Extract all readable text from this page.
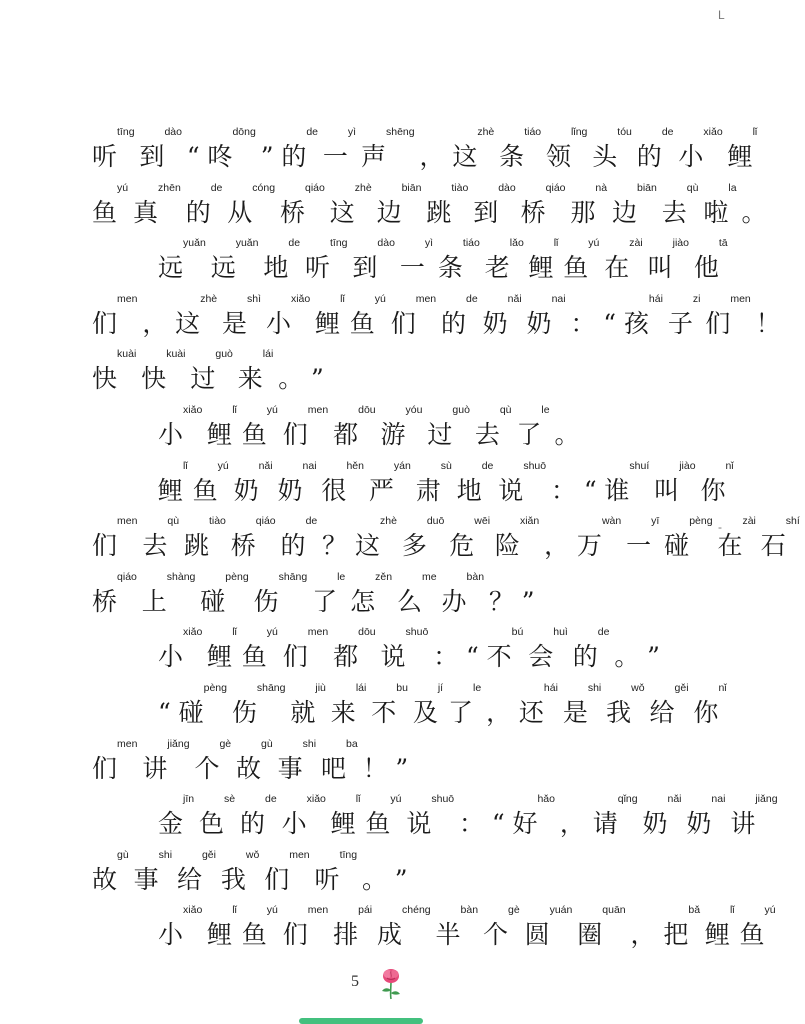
L
-
听tīng到dào“ 咚dōng” 的de一yì声shēng， 这zhè条tiáo领lǐng头tóu的de小xiǎo鲤lǐ
鱼yú真zhēn的de从cóng桥qiáo这zhè边biān跳tiào到dào桥qiáo那nà边biān去qù啦la。
远yuǎn远yuǎn地de听tīng到dào一yì条tiáo老lǎo鲤lǐ鱼yú在zài叫jiào他tā
们men， 这zhè是shì小xiǎo鲤lǐ鱼yú们men的de奶nǎi奶nai： “ 孩hái子zi们men！
快kuài快kuài过guò来lái。 ”
小xiǎo鲤lǐ鱼yú们men都dōu游yóu过guò去qù了le。
鲤lǐ鱼yú奶nǎi奶nai很hěn严yán肃sù地de说shuō： “ 谁shuí叫jiào你nǐ
们men去qù跳tiào桥qiáo的de？ 这zhè多duō危wēi险xiǎn， 万wàn一yī碰pèng在zài石shí
桥qiáo上shàng碰pèng伤shāng了le怎zěn么me办bàn？ ”
小xiǎo鲤lǐ鱼yú们men都dōu说shuō： “ 不bú会huì的de。 ”
“ 碰pèng伤shāng就jiù来lái不bu及jí了le， 还hái是shi我wǒ给gěi你nǐ
们men讲jiǎng个gè故gù事shi吧ba！ ”
金jīn色sè的de小xiǎo鲤lǐ鱼yú说shuō： “ 好hǎo， 请qǐng奶nǎi奶nai讲jiǎng
故gù事shi给gěi我wǒ们men听tīng。 ”
小xiǎo鲤lǐ鱼yú们men排pái成chéng半bàn个gè圆yuán圈quān， 把bǎ鲤lǐ鱼yú
5
